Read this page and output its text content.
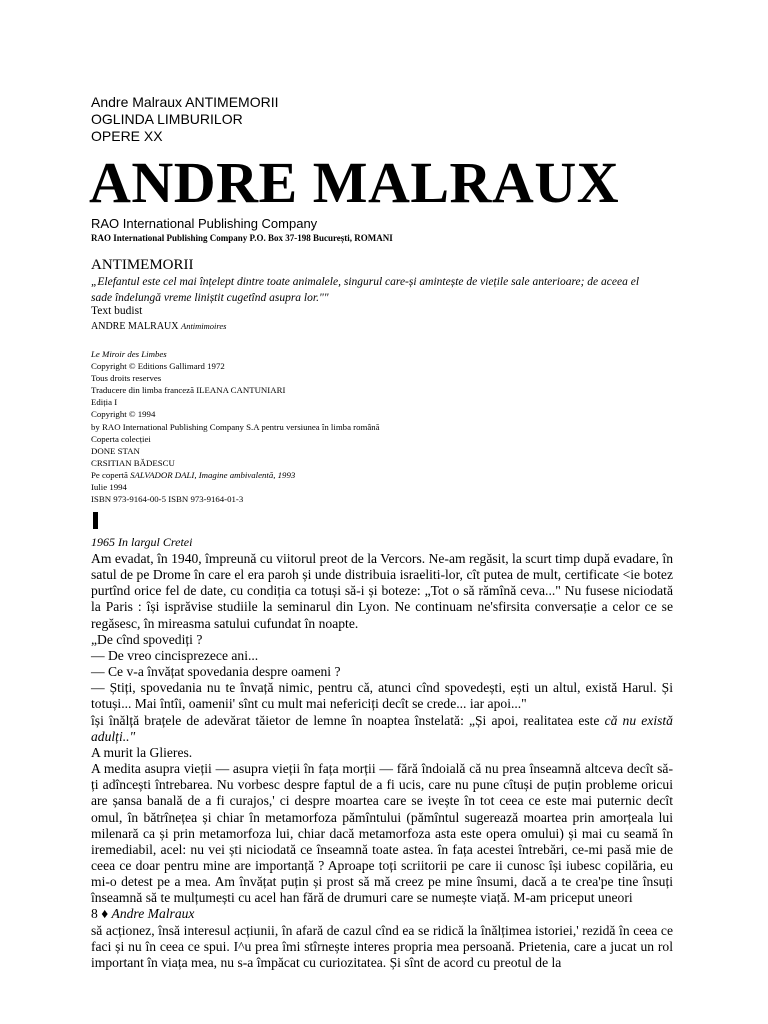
Andre Malraux ANTIMEMORII
OGLINDA LIMBURILOR
OPERE XX
ANDRE MALRAUX
RAO International Publishing Company
RAO International Publishing Company P.O. Box 37-198 București, ROMANI
ANTIMEMORII
„Elefantul este cel mai înțelept dintre toate animalele, singurul care-și amintește de viețile sale anterioare; de aceea el sade îndelungă vreme liniștit cugetînd asupra lor.""
Text budist
ANDRE MALRAUX Antimimoires
Le Miroir des Limbes
Copyright © Editions Gallimard 1972
Tous droits reserves
Traducere din limba franceză ILEANA CANTUNIARI
Ediția I
Copyright © 1994
by RAO International Publishing Company S.A pentru versiunea în limba română
Coperta colecției
DONE STAN
CRSITIAN BĂDESCU
Pe copertă SALVADOR DALI, Imagine ambivalentă, 1993
Iulie 1994
ISBN 973-9164-00-5 ISBN 973-9164-01-3
1965 In largul Cretei

Am evadat, în 1940, împreună cu viitorul preot de la Vercors. Ne-am regăsit, la scurt timp după evadare, în satul de pe Drome în care el era paroh și unde distribuia israeliti-lor, cît putea de mult, certificate <ie botez purtînd orice fel de date, cu condiția ca totuși să-i și boteze: „Tot o să rămînă ceva..." Nu fusese niciodată la Paris : își isprăvise studiile la seminarul din Lyon. Ne continuam ne'sfirsita conversație a celor ce se regăsesc, în mireasma satului cufundat în noapte.

„De cînd spovediți ?

— De vreo cincisprezece ani...

— Ce v-a învățat spovedania despre oameni ?

— Știți, spovedania nu te învață nimic, pentru că, atunci cînd spovedești, ești un altul, există Harul. Și totuși... Mai întîi, oamenii' sînt cu mult mai nefericiți decît se crede... iar apoi..."

își înălță brațele de adevărat tăietor de lemne în noaptea înstelată: „Și apoi, realitatea este că nu există adulți.."

A murit la Glieres.

A medita asupra vieții — asupra vieții în fața morții — fără îndoială că nu prea înseamnă altceva decît să-ți adîncești întrebarea. Nu vorbesc despre faptul de a fi ucis, care nu pune cîtuși de puțin probleme oricui are șansa banală de a fi curajos,' ci despre moartea care se ivește în tot ceea ce este mai puternic decît omul, în bătrînețea și chiar în metamorfoza pămîntului (pămîntul sugerează moartea prin amorțeala lui milenară ca și prin metamorfoza lui, chiar dacă metamorfoza asta este opera omului) și mai cu seamă în iremediabil, acel: nu vei ști niciodată ce înseamnă toate astea. în fața acestei întrebări, ce-mi pasă mie de ceea ce doar pentru mine are importanță ? Aproape toți scriitorii pe care ii cunosc își iubesc copilăria, eu mi-o detest pe a mea. Am învățat puțin și prost să mă creez pe mine însumi, dacă a te crea'pe tine însuți înseamnă să te mulțumești cu acel han fără de drumuri care se numește viață. M-am priceput uneori

8 ♦ Andre Malraux

să acționez, însă interesul acțiunii, în afară de cazul cînd ea se ridică la înălțimea istoriei,' rezidă în ceea ce faci și nu în ceea ce spui. I^u prea îmi stîrnește interes propria mea persoană. Prietenia, care a jucat un rol important în viața mea, nu s-a împăcat cu curiozitatea. Și sînt de acord cu preotul de la
